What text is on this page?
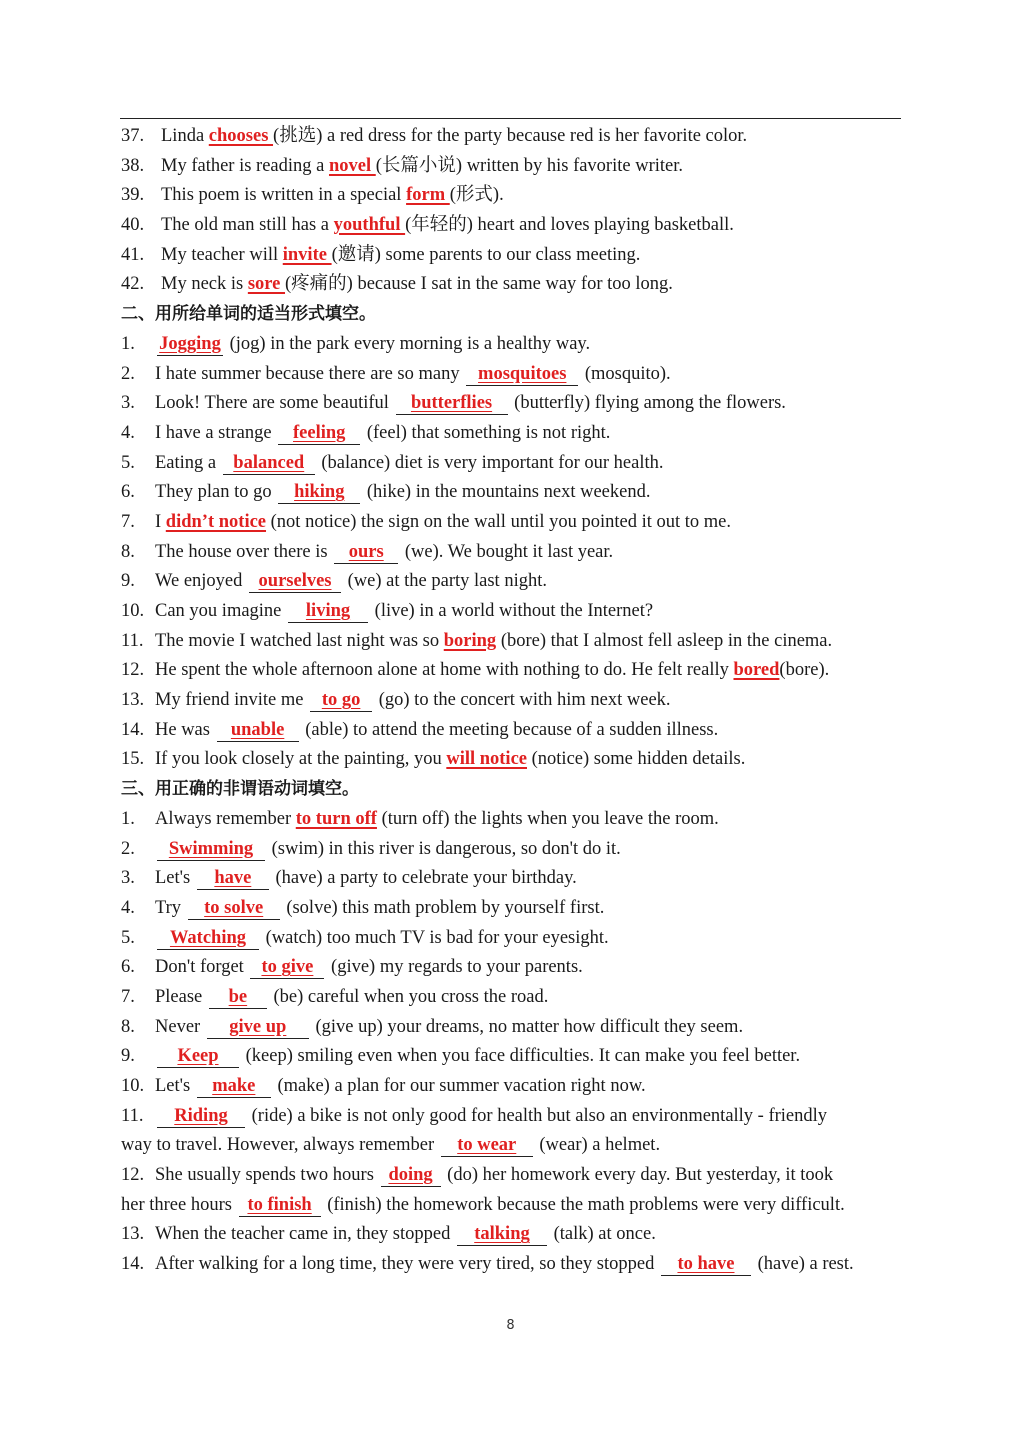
37. Linda chooses (挑选) a red dress for the party because red is her favorite color.
38. My father is reading a novel (长篇小说) written by his favorite writer.
39. This poem is written in a special form (形式).
40. The old man still has a youthful (年轻的) heart and loves playing basketball.
41. My teacher will invite (邀请) some parents to our class meeting.
42. My neck is sore (疼痛的) because I sat in the same way for too long.
二、用所给单词的适当形式填空。
1. Jogging (jog) in the park every morning is a healthy way.
2. I hate summer because there are so many mosquitoes (mosquito).
3. Look! There are some beautiful butterflies (butterfly) flying among the flowers.
4. I have a strange feeling (feel) that something is not right.
5. Eating a balanced (balance) diet is very important for our health.
6. They plan to go hiking (hike) in the mountains next weekend.
7. I didn’t notice (not notice) the sign on the wall until you pointed it out to me.
8. The house over there is ours (we). We bought it last year.
9. We enjoyed ourselves (we) at the party last night.
10. Can you imagine living (live) in a world without the Internet?
11. The movie I watched last night was so boring (bore) that I almost fell asleep in the cinema.
12. He spent the whole afternoon alone at home with nothing to do. He felt really bored(bore).
13. My friend invite me to go (go) to the concert with him next week.
14. He was unable (able) to attend the meeting because of a sudden illness.
15. If you look closely at the painting, you will notice (notice) some hidden details.
三、用正确的非谓语动词填空。
1. Always remember to turn off (turn off) the lights when you leave the room.
2. Swimming (swim) in this river is dangerous, so don't do it.
3. Let's have (have) a party to celebrate your birthday.
4. Try to solve (solve) this math problem by yourself first.
5. Watching (watch) too much TV is bad for your eyesight.
6. Don't forget to give (give) my regards to your parents.
7. Please be (be) careful when you cross the road.
8. Never give up (give up) your dreams, no matter how difficult they seem.
9. Keep (keep) smiling even when you face difficulties. It can make you feel better.
10. Let's make (make) a plan for our summer vacation right now.
11. Riding (ride) a bike is not only good for health but also an environmentally - friendly
way to travel. However, always remember to wear (wear) a helmet.
12. She usually spends two hours doing (do) her homework every day. But yesterday, it took
her three hours to finish (finish) the homework because the math problems were very difficult.
13. When the teacher came in, they stopped talking (talk) at once.
14. After walking for a long time, they were very tired, so they stopped to have (have) a rest.
8
